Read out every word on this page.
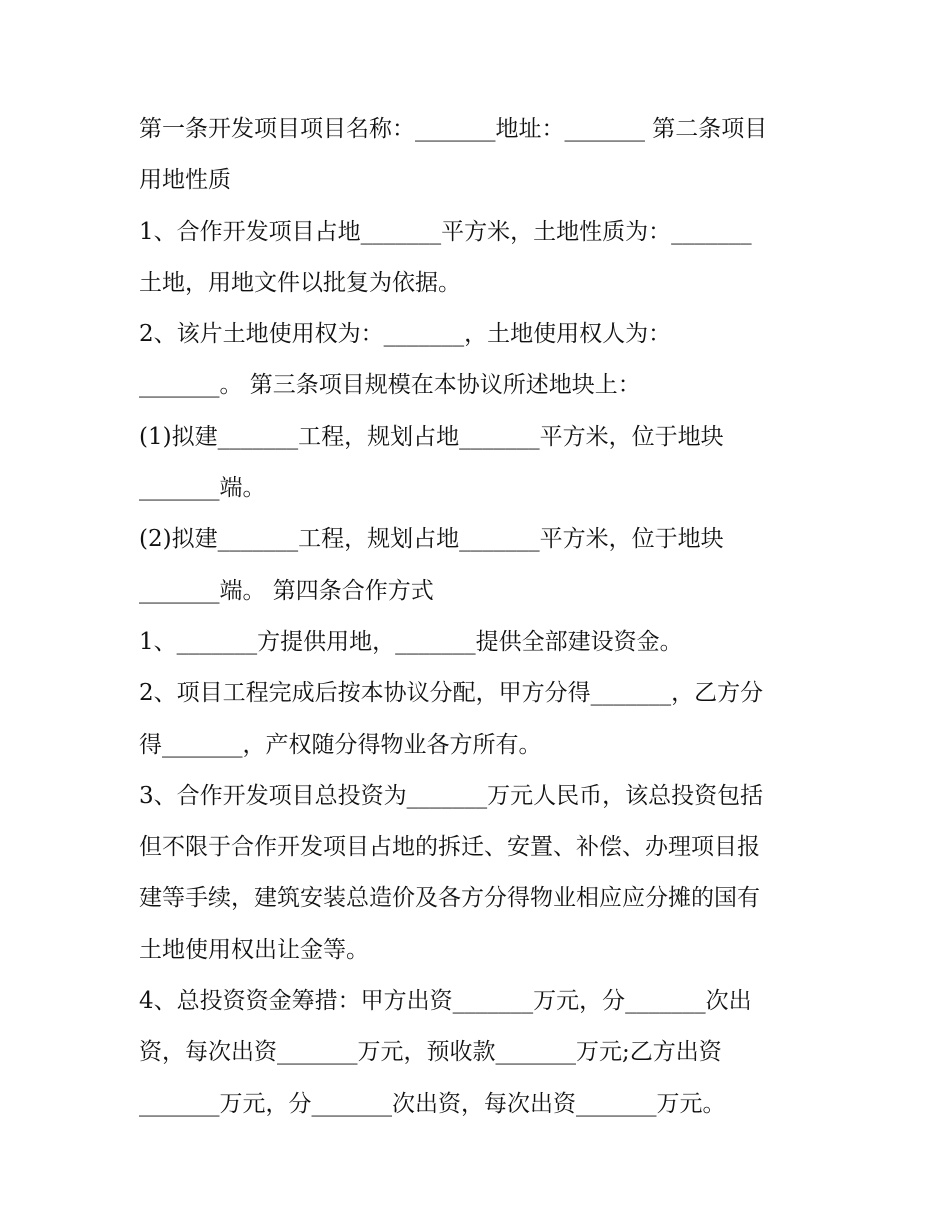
第一条开发项目项目名称：_______地址：_______ 第二条项目
用地性质
1、合作开发项目占地_______平方米，土地性质为：_______
土地，用地文件以批复为依据。
2、该片土地使用权为：_______，土地使用权人为：
_______。 第三条项目规模在本协议所述地块上：
(1)拟建_______工程，规划占地_______平方米，位于地块
_______端。
(2)拟建_______工程，规划占地_______平方米，位于地块
_______端。 第四条合作方式
1、_______方提供用地，_______提供全部建设资金。
2、项目工程完成后按本协议分配，甲方分得_______，乙方分
得_______，产权随分得物业各方所有。
3、合作开发项目总投资为_______万元人民币，该总投资包括
但不限于合作开发项目占地的拆迁、安置、补偿、办理项目报
建等手续，建筑安装总造价及各方分得物业相应应分摊的国有
土地使用权出让金等。
4、总投资资金筹措：甲方出资_______万元，分_______次出
资，每次出资_______万元，预收款_______万元;乙方出资
_______万元，分_______次出资，每次出资_______万元。
